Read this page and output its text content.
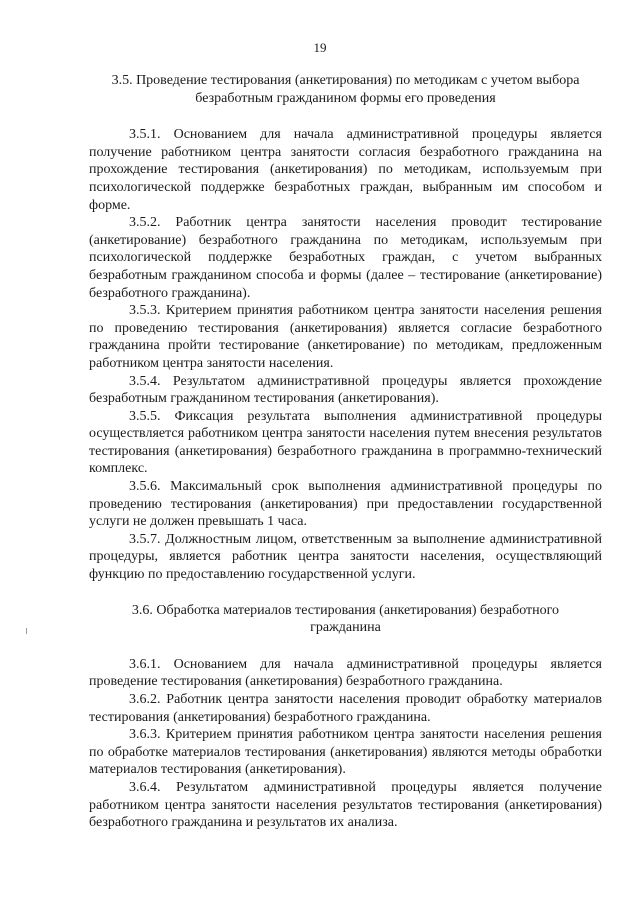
19
3.5. Проведение тестирования (анкетирования) по методикам с учетом выбора безработным гражданином формы его проведения

3.5.1. Основанием для начала административной процедуры является получение работником центра занятости согласия безработного гражданина на прохождение тестирования (анкетирования) по методикам, используемым при психологической поддержке безработных граждан, выбранным им способом и форме.

3.5.2. Работник центра занятости населения проводит тестирование (анкетирование) безработного гражданина по методикам, используемым при психологической поддержке безработных граждан, с учетом выбранных безработным гражданином способа и формы (далее – тестирование (анкетирование) безработного гражданина).

3.5.3. Критерием принятия работником центра занятости населения решения по проведению тестирования (анкетирования) является согласие безработного гражданина пройти тестирование (анкетирование) по методикам, предложенным работником центра занятости населения.

3.5.4. Результатом административной процедуры является прохождение безработным гражданином тестирования (анкетирования).

3.5.5. Фиксация результата выполнения административной процедуры осуществляется работником центра занятости населения путем внесения результатов тестирования (анкетирования) безработного гражданина в программно-технический комплекс.

3.5.6. Максимальный срок выполнения административной процедуры по проведению тестирования (анкетирования) при предоставлении государственной услуги не должен превышать 1 часа.

3.5.7. Должностным лицом, ответственным за выполнение административной процедуры, является работник центра занятости населения, осуществляющий функцию по предоставлению государственной услуги.

3.6. Обработка материалов тестирования (анкетирования) безработного гражданина

3.6.1. Основанием для начала административной процедуры является проведение тестирования (анкетирования) безработного гражданина.

3.6.2. Работник центра занятости населения проводит обработку материалов тестирования (анкетирования) безработного гражданина.

3.6.3. Критерием принятия работником центра занятости населения решения по обработке материалов тестирования (анкетирования) являются методы обработки материалов тестирования (анкетирования).

3.6.4. Результатом административной процедуры является получение работником центра занятости населения результатов тестирования (анкетирования) безработного гражданина и результатов их анализа.
